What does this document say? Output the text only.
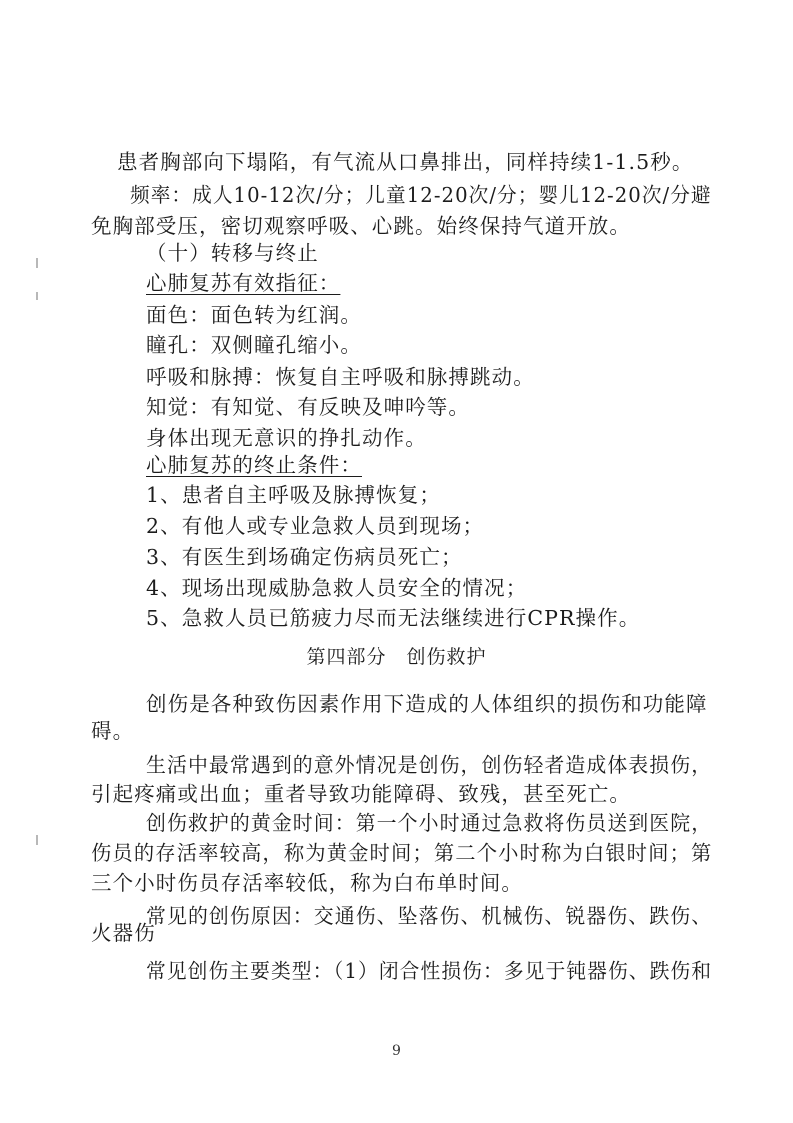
患者胸部向下塌陷，有气流从口鼻排出，同样持续1-1.5秒。
频率：成人10-12次/分；儿童12-20次/分；婴儿12-20次/分避
免胸部受压，密切观察呼吸、心跳。始终保持气道开放。
（十）转移与终止
心肺复苏有效指征：
面色：面色转为红润。
瞳孔：双侧瞳孔缩小。
呼吸和脉搏：恢复自主呼吸和脉搏跳动。
知觉：有知觉、有反映及呻吟等。
身体出现无意识的挣扎动作。
心肺复苏的终止条件：
1、患者自主呼吸及脉搏恢复；
2、有他人或专业急救人员到现场；
3、有医生到场确定伤病员死亡；
4、现场出现威胁急救人员安全的情况；
5、急救人员已筋疲力尽而无法继续进行CPR操作。
第四部分　创伤救护
创伤是各种致伤因素作用下造成的人体组织的损伤和功能障
碍。
生活中最常遇到的意外情况是创伤，创伤轻者造成体表损伤，
引起疼痛或出血；重者导致功能障碍、致残，甚至死亡。
创伤救护的黄金时间：第一个小时通过急救将伤员送到医院，
伤员的存活率较高，称为黄金时间；第二个小时称为白银时间；第
三个小时伤员存活率较低，称为白布单时间。
常见的创伤原因：交通伤、坠落伤、机械伤、锐器伤、跌伤、
火器伤
常见创伤主要类型：（1）闭合性损伤：多见于钝器伤、跌伤和
9
